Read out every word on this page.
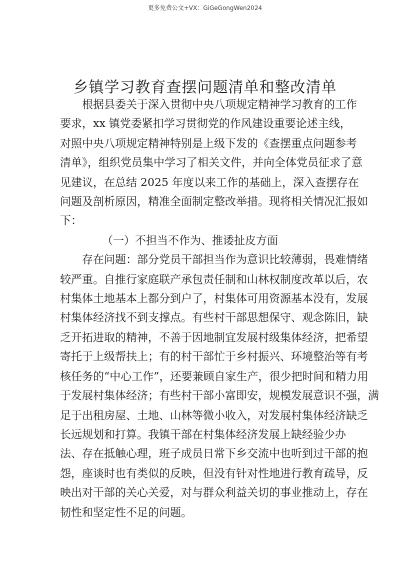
更多免费公文+VX：GiGeGongWen2024
乡镇学习教育查摆问题清单和整改清单
根据县委关于深入贯彻中央八项规定精神学习教育的工作
要求，xx 镇党委紧扣学习贯彻党的作风建设重要论述主线，
对照中央八项规定精神特别是上级下发的《查摆重点问题参考
清单》，组织党员集中学习了相关文件，并向全体党员征求了意
见建议，在总结 2025 年度以来工作的基础上，深入查摆存在
问题及剖析原因，精准全面制定整改举措。现将相关情况汇报如
下：
（一）不担当不作为、推诿扯皮方面
存在问题：部分党员干部担当作为意识比较薄弱，畏难情绪
较严重。自推行家庭联产承包责任制和山林权制度改革以后，农
村集体土地基本上都分到户了，村集体可用资源基本没有，发展
村集体经济找不到支撑点。有些村干部思想保守、观念陈旧，缺
乏开拓进取的精神，不善于因地制宜发展村级集体经济，把希望
寄托于上级帮扶上；有的村干部忙于乡村振兴、环境整治等有考
核任务的“中心工作”，还要兼顾自家生产，很少把时间和精力用
于发展村集体经济；有些村干部小富即安，规模发展意识不强，满
足于出租房屋、土地、山林等微小收入，对发展村集体经济缺乏
长远规划和打算。我镇干部在村集体经济发展上缺经验少办
法、存在抵触心理，班子成员日常下乡交流中也听到过干部的抱
怨，座谈时也有类似的反映，但没有针对性地进行教育疏导，反
映出对干部的关心关爱，对与群众利益关切的事业推动上，存在
韧性和坚定性不足的问题。
